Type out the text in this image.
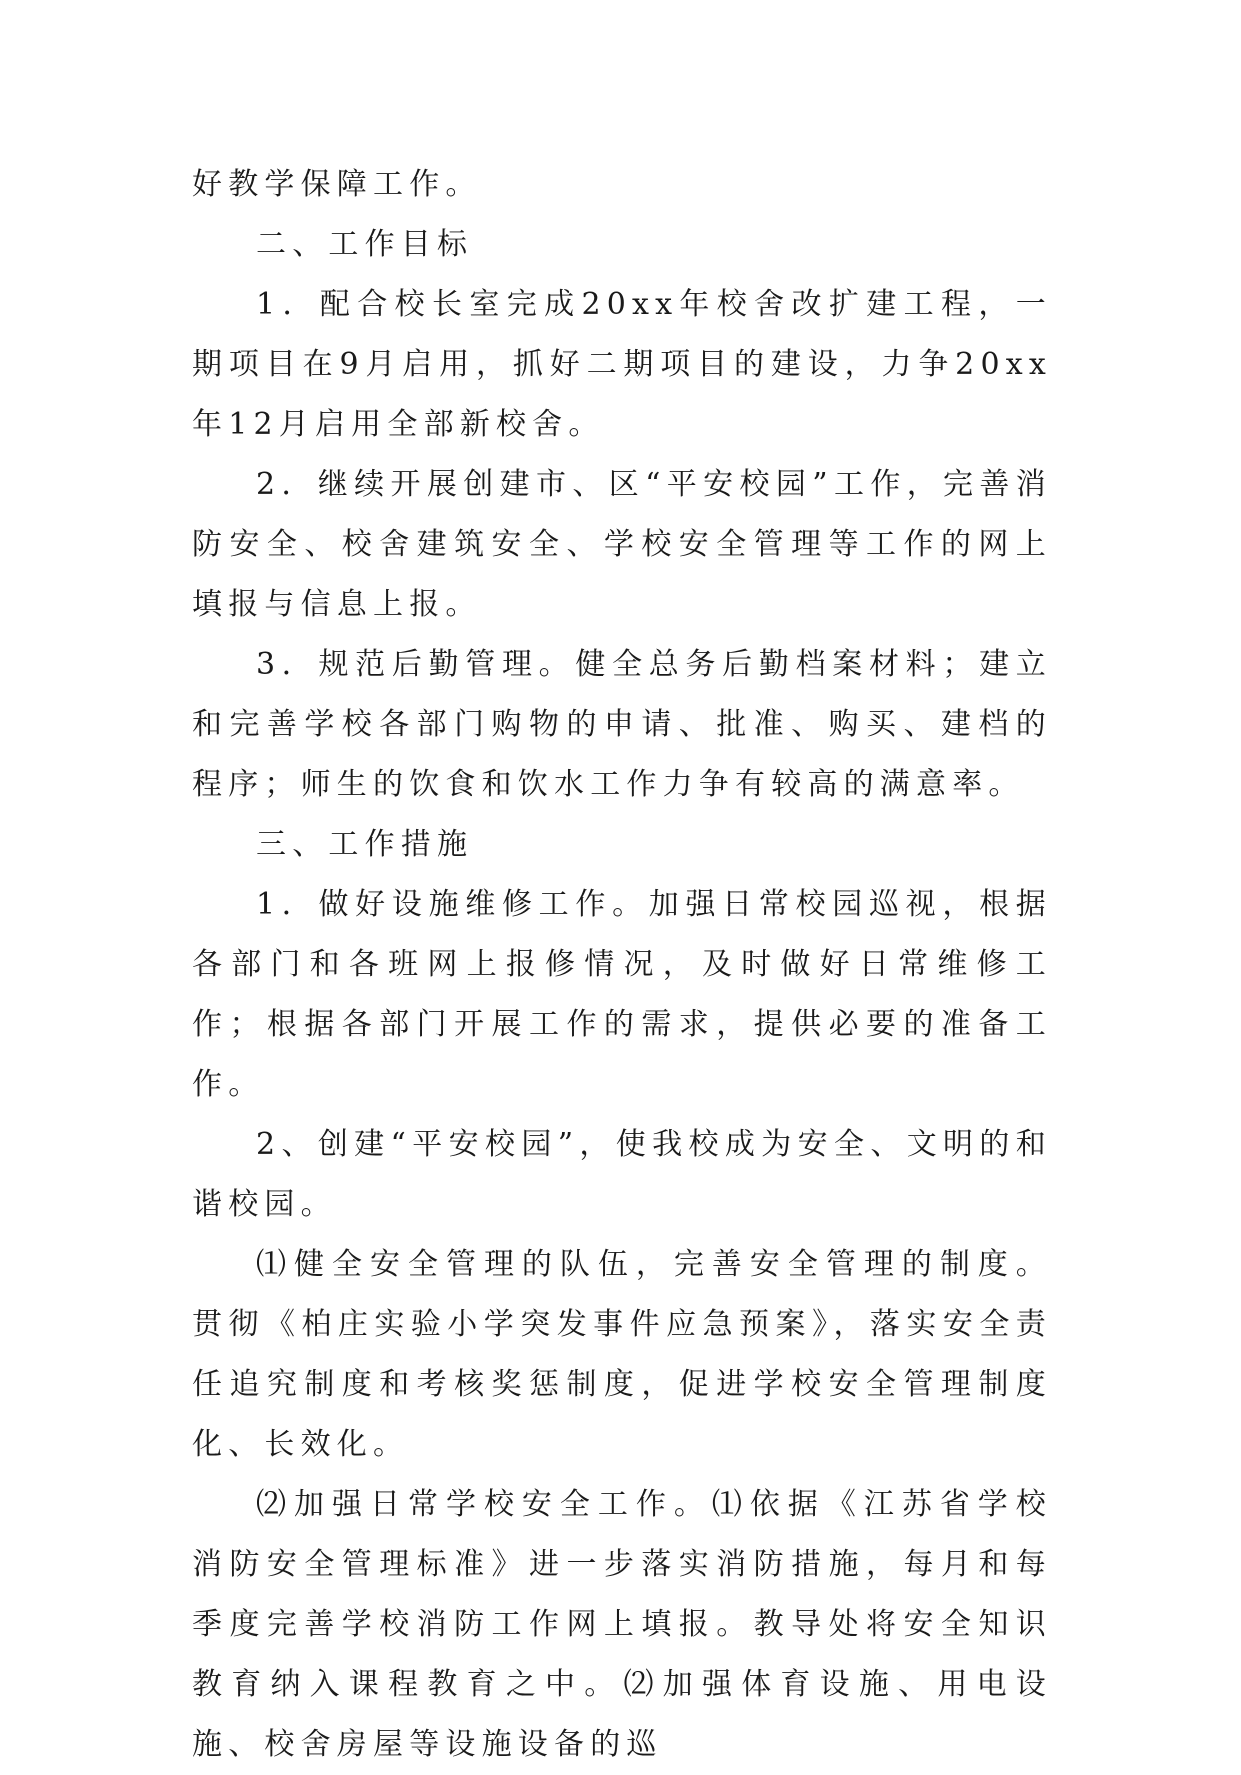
好教学保障工作。

二、工作目标

1．配合校长室完成20xx年校舍改扩建工程，一期项目在9月启用，抓好二期项目的建设，力争20xx年12月启用全部新校舍。

2．继续开展创建市、区“平安校园”工作，完善消防安全、校舍建筑安全、学校安全管理等工作的网上填报与信息上报。

3．规范后勤管理。健全总务后勤档案材料；建立和完善学校各部门购物的申请、批准、购买、建档的程序；师生的饮食和饮水工作力争有较高的满意率。

三、工作措施

1．做好设施维修工作。加强日常校园巡视，根据各部门和各班网上报修情况，及时做好日常维修工作；根据各部门开展工作的需求，提供必要的准备工作。

2、创建“平安校园”，使我校成为安全、文明的和谐校园。

⑴健全安全管理的队伍，完善安全管理的制度。贯彻《柏庄实验小学突发事件应急预案》，落实安全责任追究制度和考核奖惩制度，促进学校安全管理制度化、长效化。

⑵加强日常学校安全工作。⑴依据《江苏省学校消防安全管理标准》进一步落实消防措施，每月和每季度完善学校消防工作网上填报。教导处将安全知识教育纳入课程教育之中。⑵加强体育设施、用电设施、校舍房屋等设施设备的巡
